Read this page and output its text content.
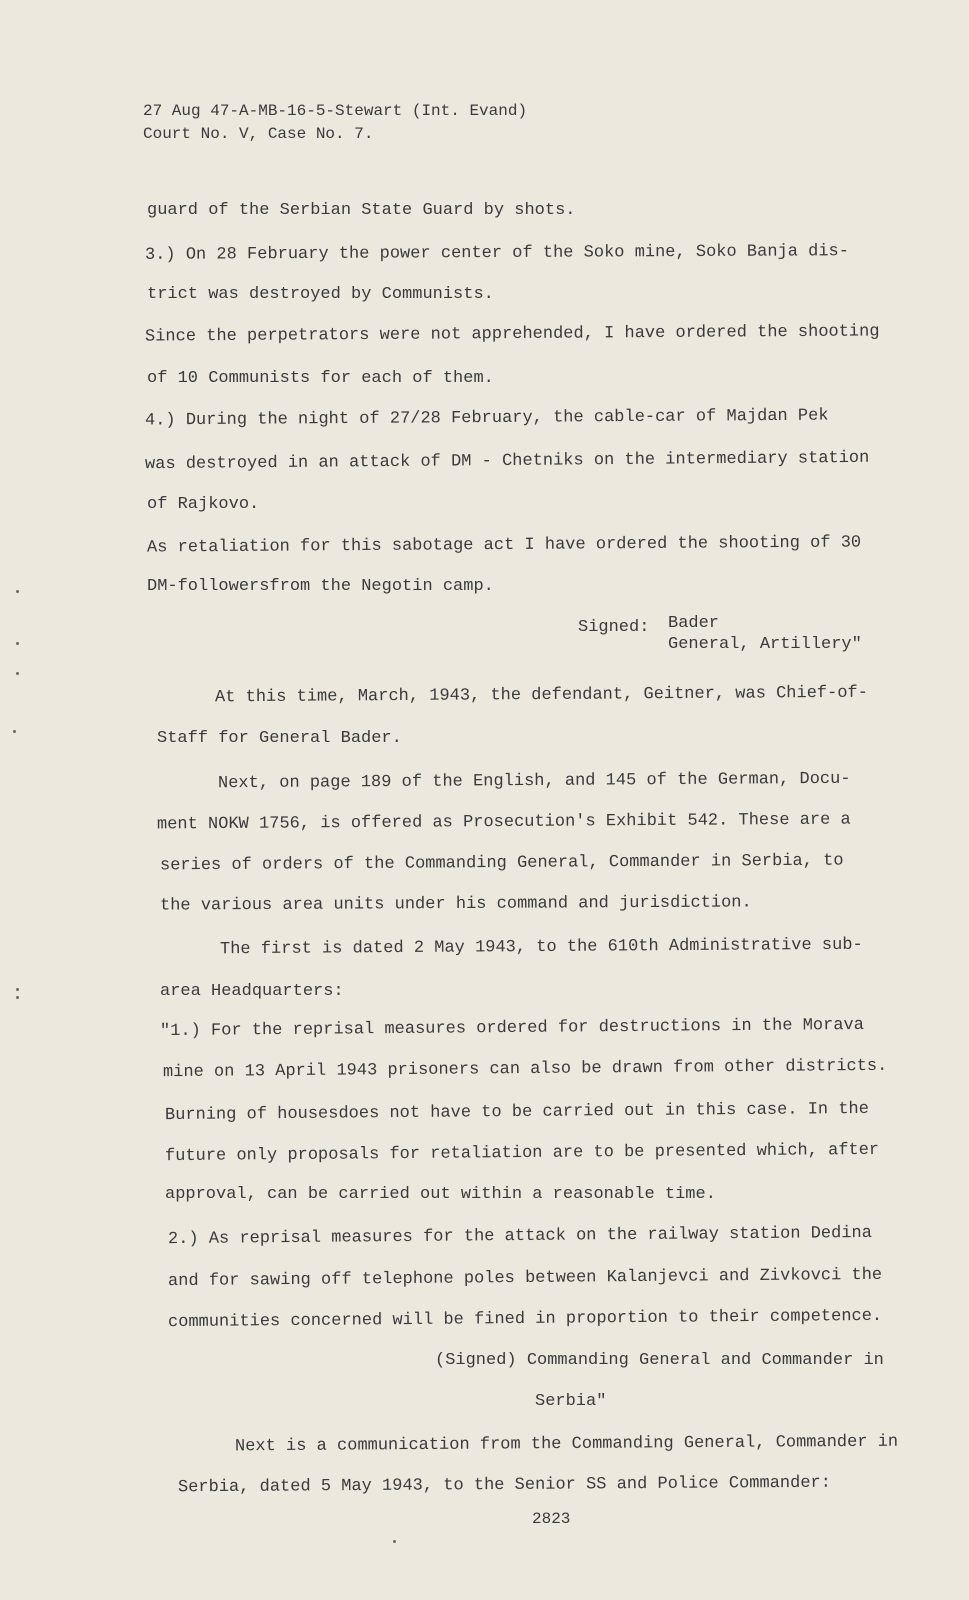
27 Aug 47-A-MB-16-5-Stewart (Int. Evand)
Court No. V, Case No. 7.
guard of the Serbian State Guard by shots.
3.) On 28 February the power center of the Soko mine, Soko Banja dis-
trict was destroyed by Communists.
Since the perpetrators were not apprehended, I have ordered the shooting
of 10 Communists for each of them.
4.) During the night of 27/28 February, the cable-car of Majdan Pek
was destroyed in an attack of DM - Chetniks on the intermediary station
of Rajkovo.
As retaliation for this sabotage act I have ordered the shooting of 30
DM-followersfrom the Negotin camp.
Signed: Bader
General, Artillery"
At this time, March, 1943, the defendant, Geitner, was Chief-of-
Staff for General Bader.
Next, on page 189 of the English, and 145 of the German, Docu-
ment NOKW 1756, is offered as Prosecution's Exhibit 542. These are a
series of orders of the Commanding General, Commander in Serbia, to
the various area units under his command and jurisdiction.
The first is dated 2 May 1943, to the 610th Administrative sub-
area Headquarters:
"1.) For the reprisal measures ordered for destructions in the Morava
mine on 13 April 1943 prisoners can also be drawn from other districts.
Burning of housesdoes not have to be carried out in this case. In the
future only proposals for retaliation are to be presented which, after
approval, can be carried out within a reasonable time.
2.) As reprisal measures for the attack on the railway station Dedina
and for sawing off telephone poles between Kalanjevci and Zivkovci the
communities concerned will be fined in proportion to their competence.
(Signed) Commanding General and Commander in
Serbia"
Next is a communication from the Commanding General, Commander in
Serbia, dated 5 May 1943, to the Senior SS and Police Commander:
2823
